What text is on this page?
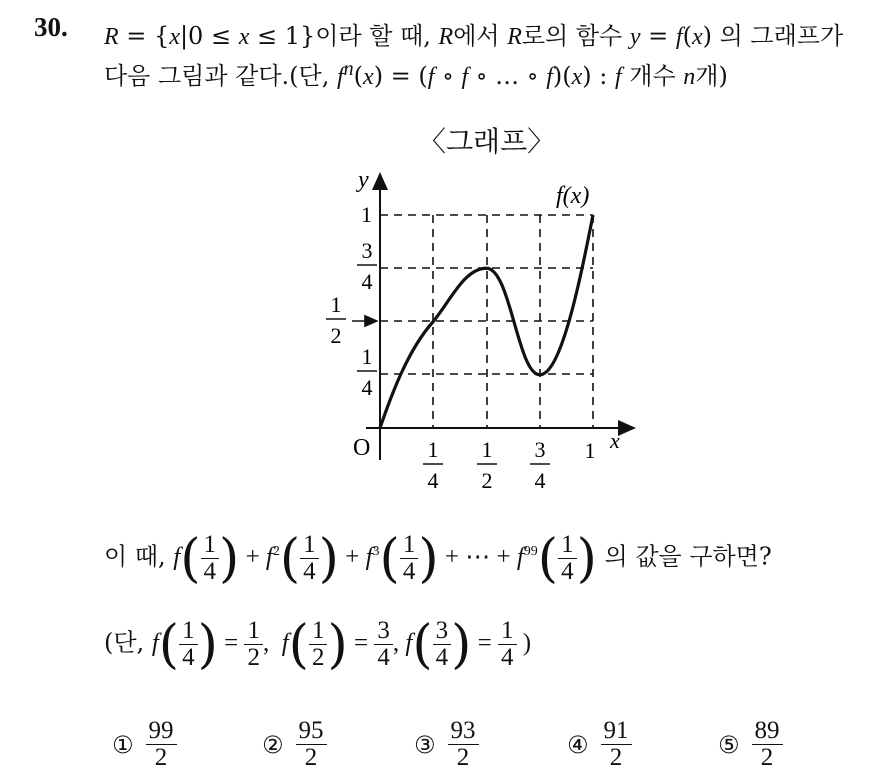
30. R = {x|0 ≤ x ≤ 1}이라 할 때, R에서 R로의 함수 y = f(x) 의 그래프가
다음 그림과 같다.(단, $f^n(x) = (f$ ∘ f ∘ … ∘ f)(x) : f 개수 n개)
〈그래프〉
y
x
f(x)
O
1
3
4
1
2
1
4
1
4
1
2
3
4
1
이 때, $f( \frac{1}{4}$ ) + $f^2( \frac{1}{4}$ ) + $f^3( \frac{1}{4}$ ) + ⋯ + $f^{99}( \frac{1}{4}$ ) 의 값을 구하면?
(단, $f( \frac{1}{4}$ ) = $\frac{1}{2}$ , $f( \frac{1}{2}$ ) = $\frac{3}{4}$ , $f( \frac{3}{4}$ ) = $\frac{1}{4}$ )
① $\frac{99}{2}$	② $\frac{95}{2}$	③ $\frac{93}{2}$	④ $\frac{91}{2}$	⑤ $\frac{89}{2}$
